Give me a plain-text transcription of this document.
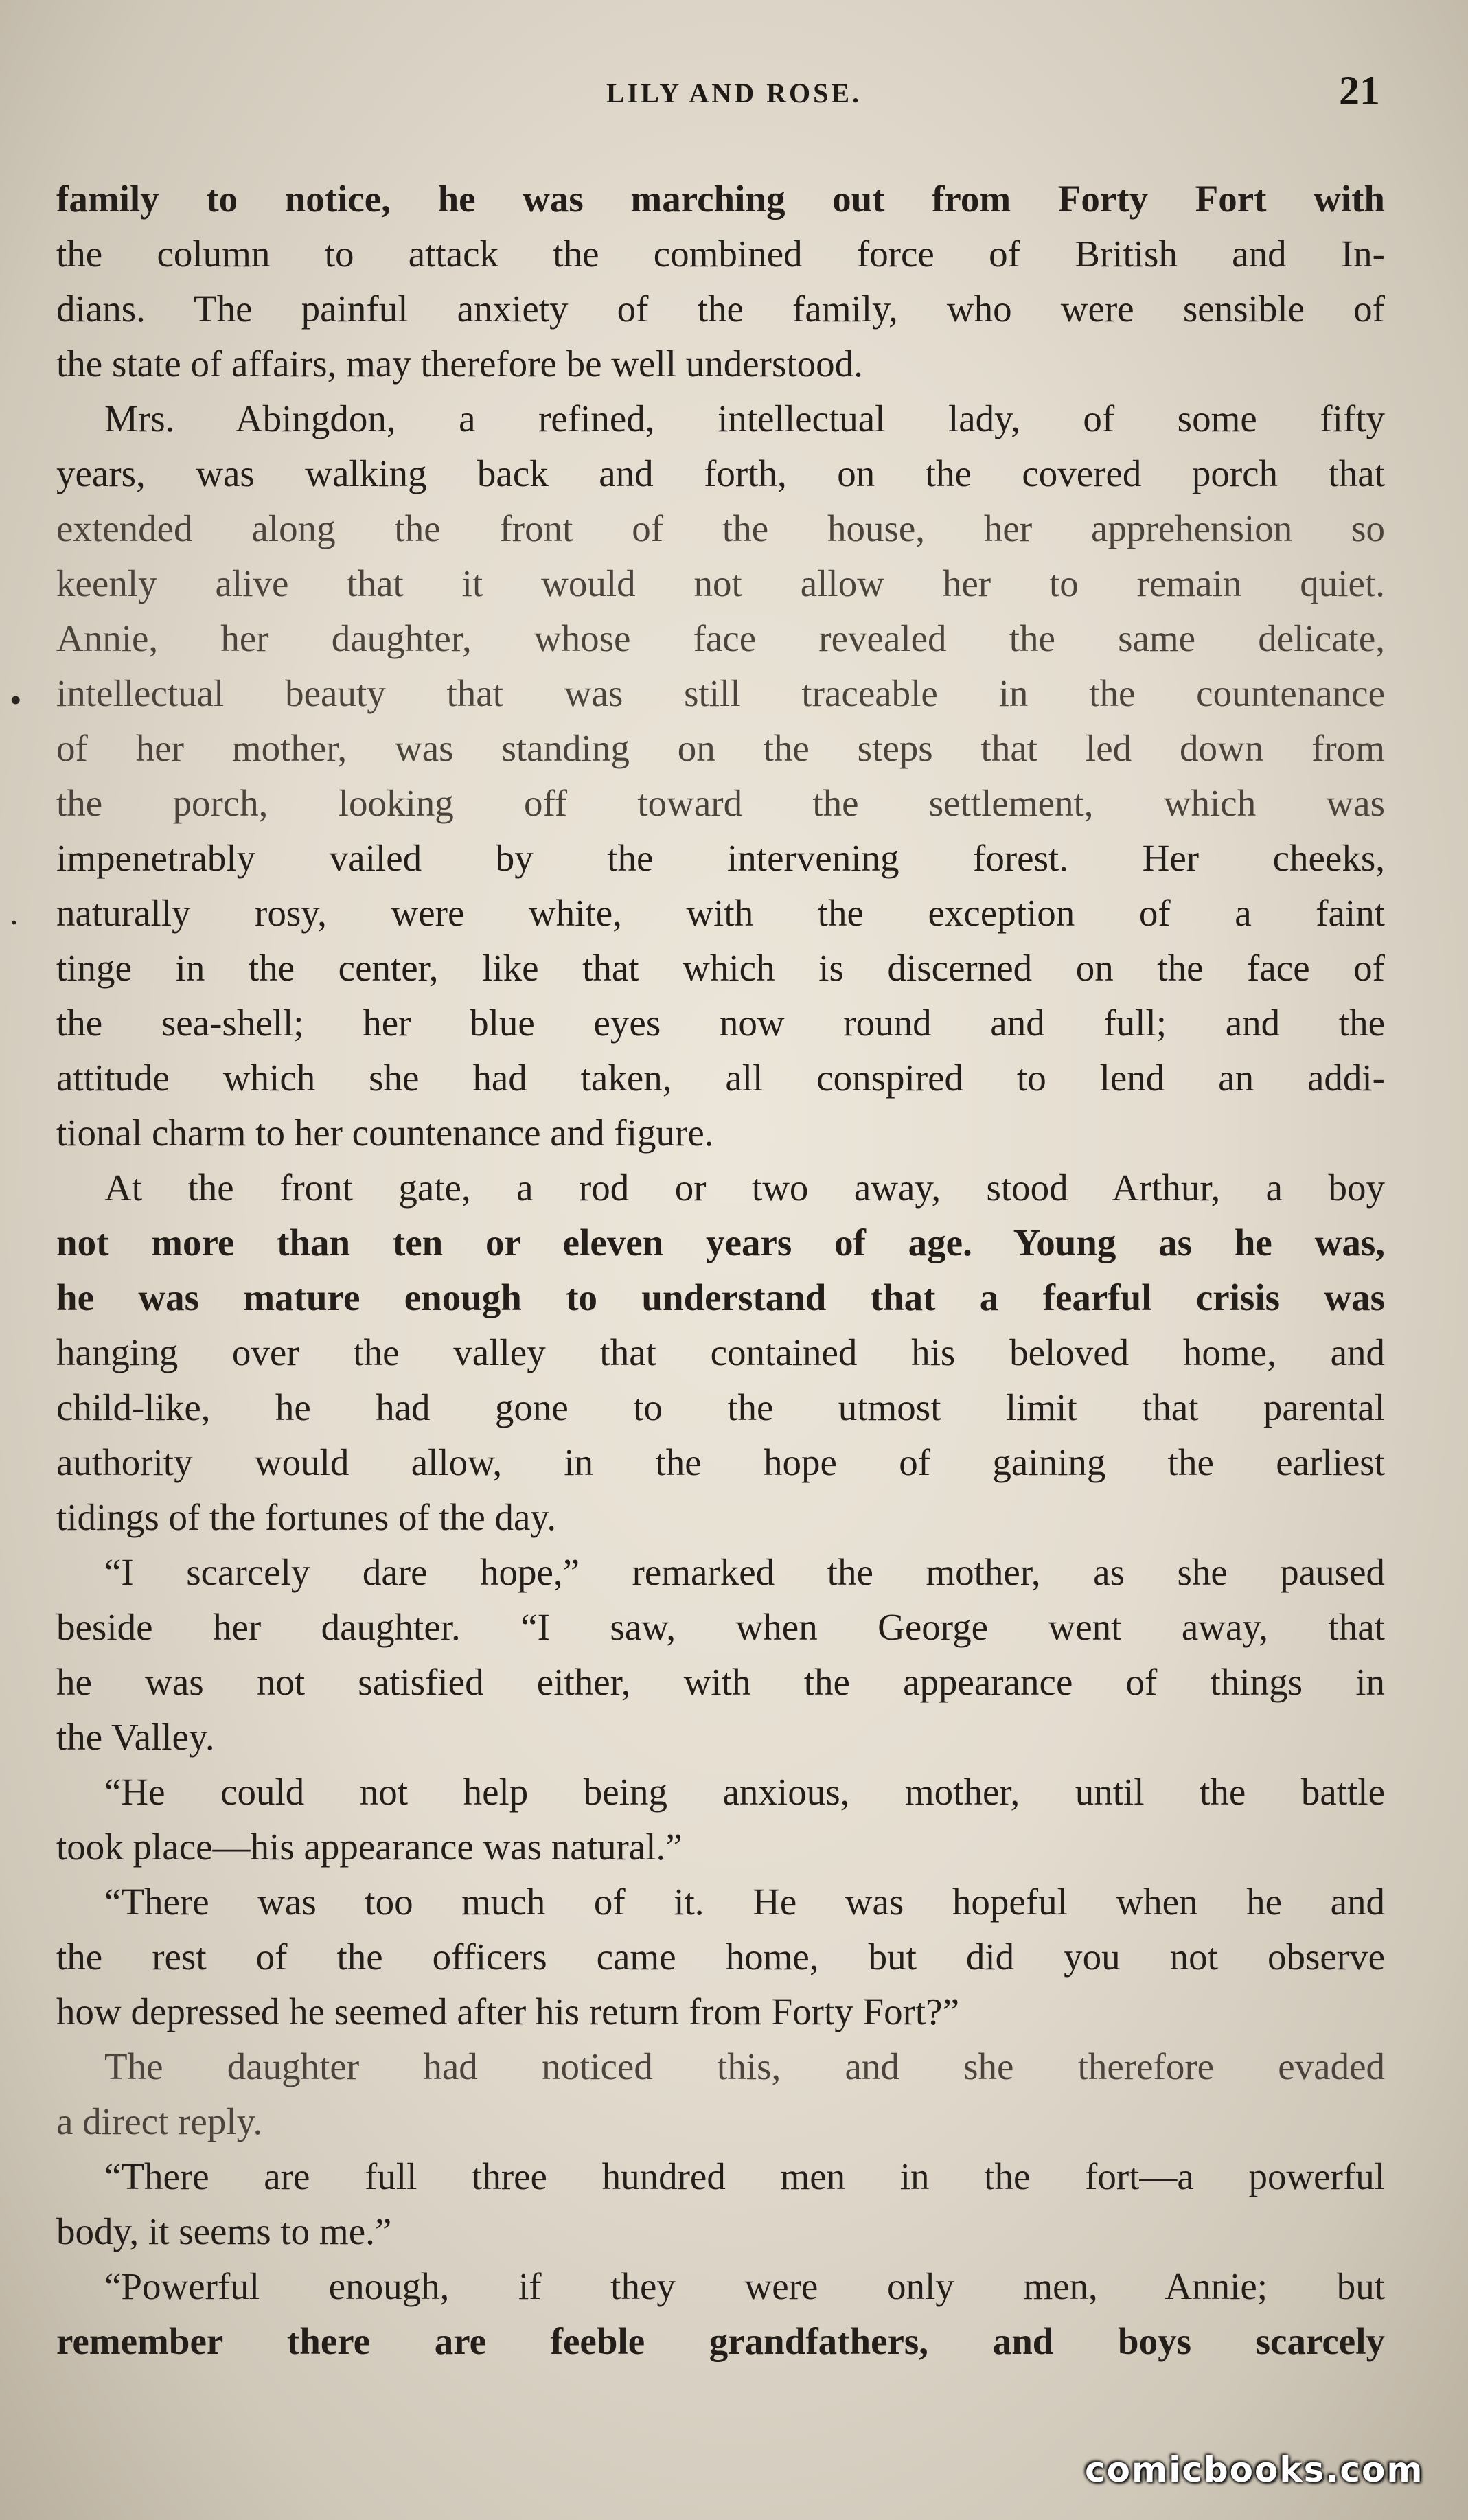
LILY AND ROSE.	21
•
.
family to notice, he was marching out from Forty Fort with
the column to attack the combined force of British and In-
dians. The painful anxiety of the family, who were sensible of
the state of affairs, may therefore be well understood.
Mrs. Abingdon, a refined, intellectual lady, of some fifty
years, was walking back and forth, on the covered porch that
extended along the front of the house, her apprehension so
keenly alive that it would not allow her to remain quiet.
Annie, her daughter, whose face revealed the same delicate,
intellectual beauty that was still traceable in the countenance
of her mother, was standing on the steps that led down from
the porch, looking off toward the settlement, which was
impenetrably vailed by the intervening forest. Her cheeks,
naturally rosy, were white, with the exception of a faint
tinge in the center, like that which is discerned on the face of
the sea-shell; her blue eyes now round and full; and the
attitude which she had taken, all conspired to lend an addi-
tional charm to her countenance and figure.
At the front gate, a rod or two away, stood Arthur, a boy
not more than ten or eleven years of age. Young as he was,
he was mature enough to understand that a fearful crisis was
hanging over the valley that contained his beloved home, and
child-like, he had gone to the utmost limit that parental
authority would allow, in the hope of gaining the earliest
tidings of the fortunes of the day.
“I scarcely dare hope,” remarked the mother, as she paused
beside her daughter. “I saw, when George went away, that
he was not satisfied either, with the appearance of things in
the Valley.
“He could not help being anxious, mother, until the battle
took place—his appearance was natural.”
“There was too much of it. He was hopeful when he and
the rest of the officers came home, but did you not observe
how depressed he seemed after his return from Forty Fort?”
The daughter had noticed this, and she therefore evaded
a direct reply.
“There are full three hundred men in the fort—a powerful
body, it seems to me.”
“Powerful enough, if they were only men, Annie; but
remember there are feeble grandfathers, and boys scarcely
comicbooks.com
